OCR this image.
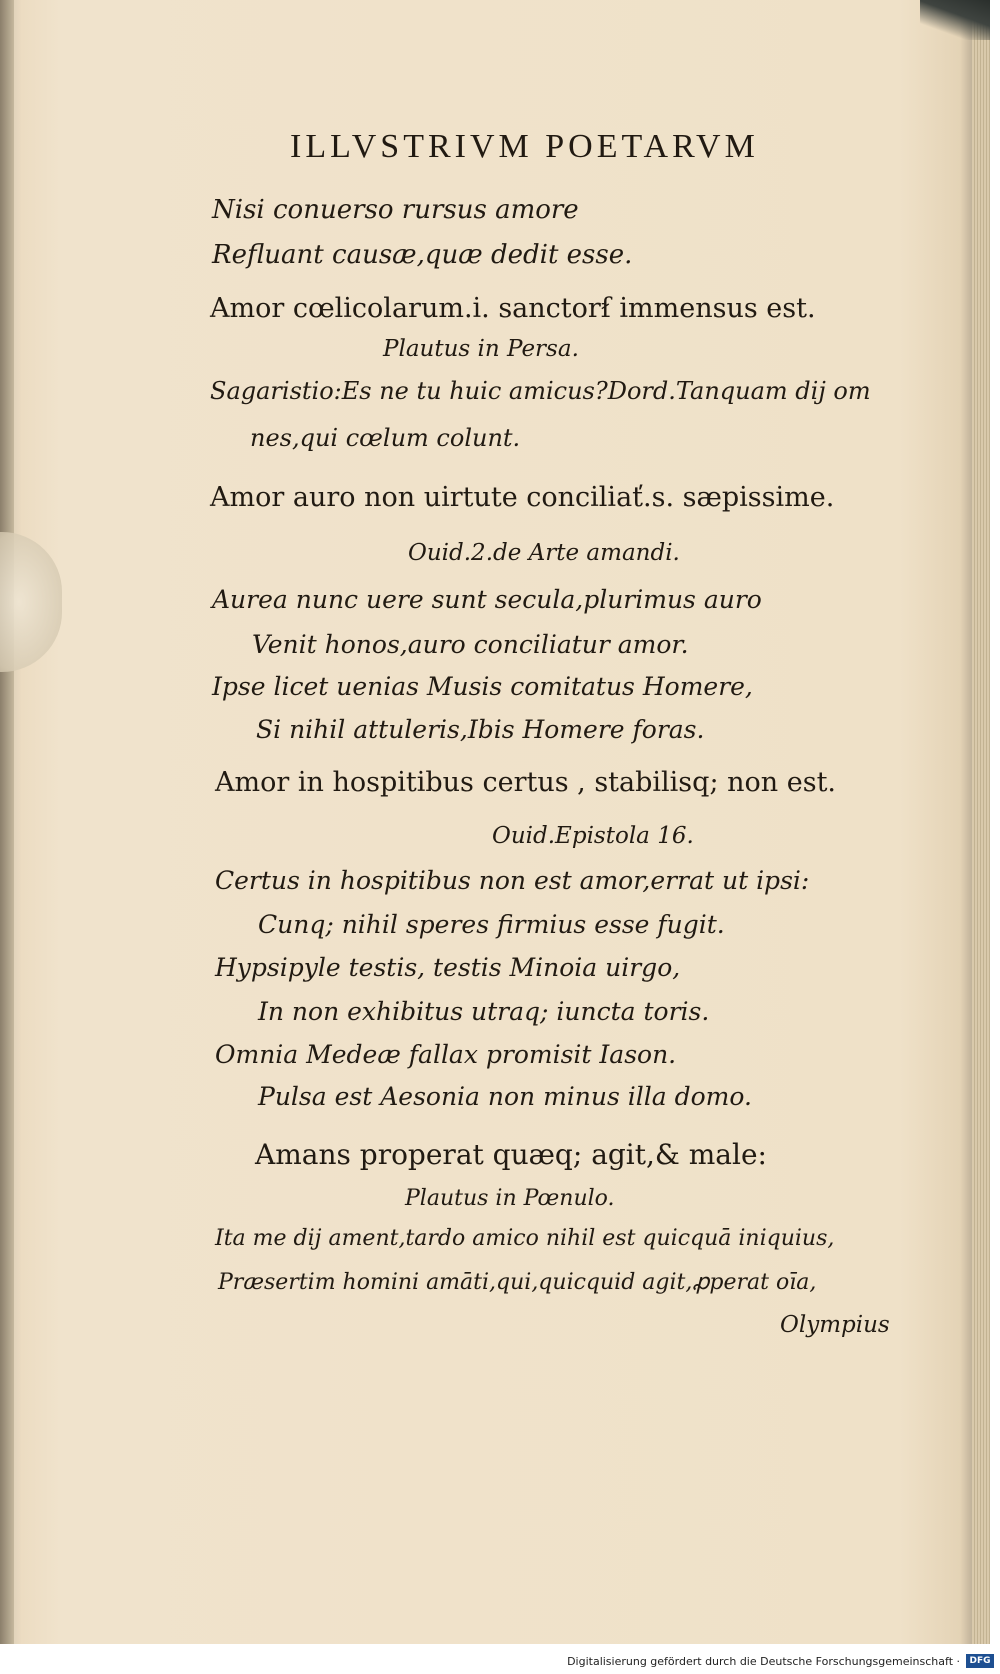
ILLVSTRIVM POETARVM
Nisi conuerso rursus amore
Refluant causæ,quæ dedit esse.
Amor cœlicolarum.i. sanctorẜ immensus est.
Plautus in Persa.
Sagaristio:Es ne tu huic amicus?Dord.Tanquam dij om
nes,qui cœlum colunt.
Amor auro non uirtute conciliať.s. sæpissime.
Ouid.2.de Arte amandi.
Aurea nunc uere sunt secula,plurimus auro
Venit honos,auro conciliatur amor.
Ipse licet uenias Musis comitatus Homere,
Si nihil attuleris,Ibis Homere foras.
Amor in hospitibus certus , stabilisq; non est.
Ouid.Epistola 16.
Certus in hospitibus non est amor,errat ut ipsi:
Cunq; nihil speres firmius esse fugit.
Hypsipyle testis, testis Minoia uirgo,
In non exhibitus utraq; iuncta toris.
Omnia Medeæ fallax promisit Iason.
Pulsa est Aesonia non minus illa domo.
Amans properat quæq; agit,& male:
Plautus in Pœnulo.
Ita me dij ament,tardo amico nihil est quicquā iniquius,
Præsertim homini amāti,qui,quicquid agit,ꝓperat oīa,
Olympius
Digitalisierung gefördert durch die Deutsche Forschungsgemeinschaft ·	DFG
